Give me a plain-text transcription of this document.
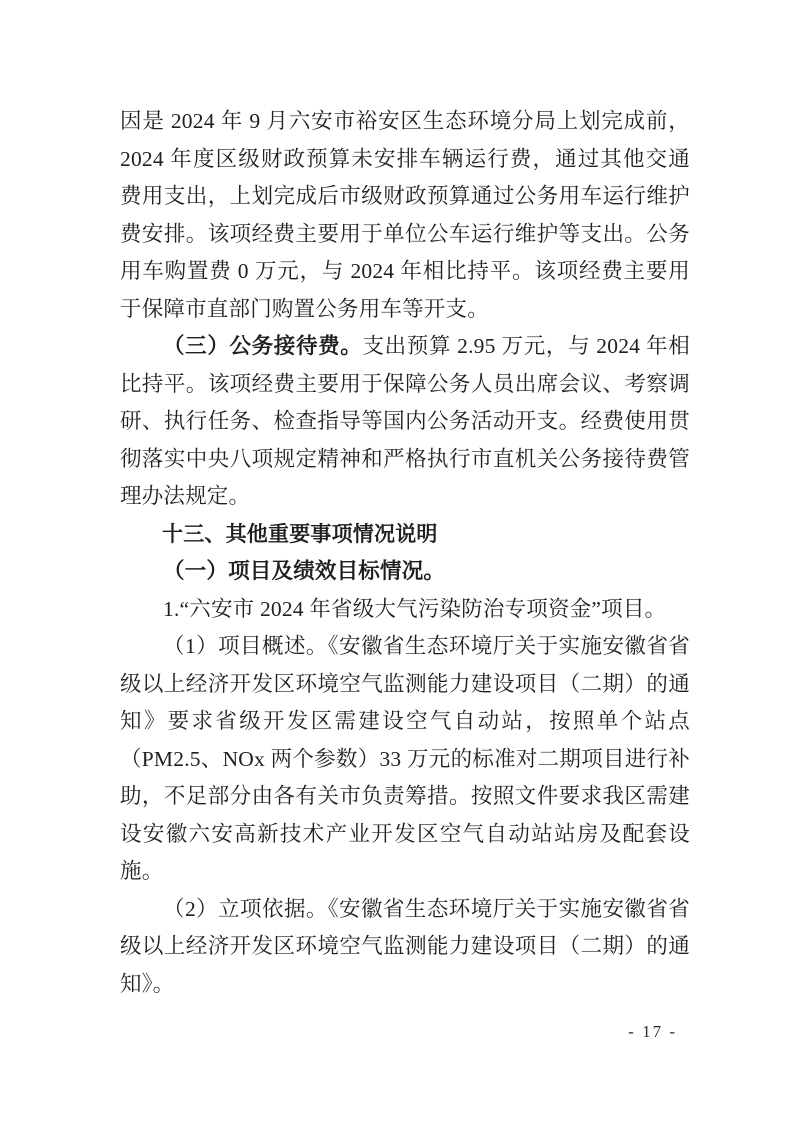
因是 2024 年 9 月六安市裕安区生态环境分局上划完成前，2024 年度区级财政预算未安排车辆运行费，通过其他交通费用支出，上划完成后市级财政预算通过公务用车运行维护费安排。该项经费主要用于单位公车运行维护等支出。公务用车购置费 0 万元，与 2024 年相比持平。该项经费主要用于保障市直部门购置公务用车等开支。

（三）公务接待费。支出预算 2.95 万元，与 2024 年相比持平。该项经费主要用于保障公务人员出席会议、考察调研、执行任务、检查指导等国内公务活动开支。经费使用贯彻落实中央八项规定精神和严格执行市直机关公务接待费管理办法规定。

十三、其他重要事项情况说明

（一）项目及绩效目标情况。

1.“六安市 2024 年省级大气污染防治专项资金”项目。

（1）项目概述。《安徽省生态环境厅关于实施安徽省省级以上经济开发区环境空气监测能力建设项目（二期）的通知》要求省级开发区需建设空气自动站，按照单个站点（PM2.5、NOx 两个参数）33 万元的标准对二期项目进行补助，不足部分由各有关市负责筹措。按照文件要求我区需建设安徽六安高新技术产业开发区空气自动站站房及配套设施。

（2）立项依据。《安徽省生态环境厅关于实施安徽省省级以上经济开发区环境空气监测能力建设项目（二期）的通知》。

- 17 -
